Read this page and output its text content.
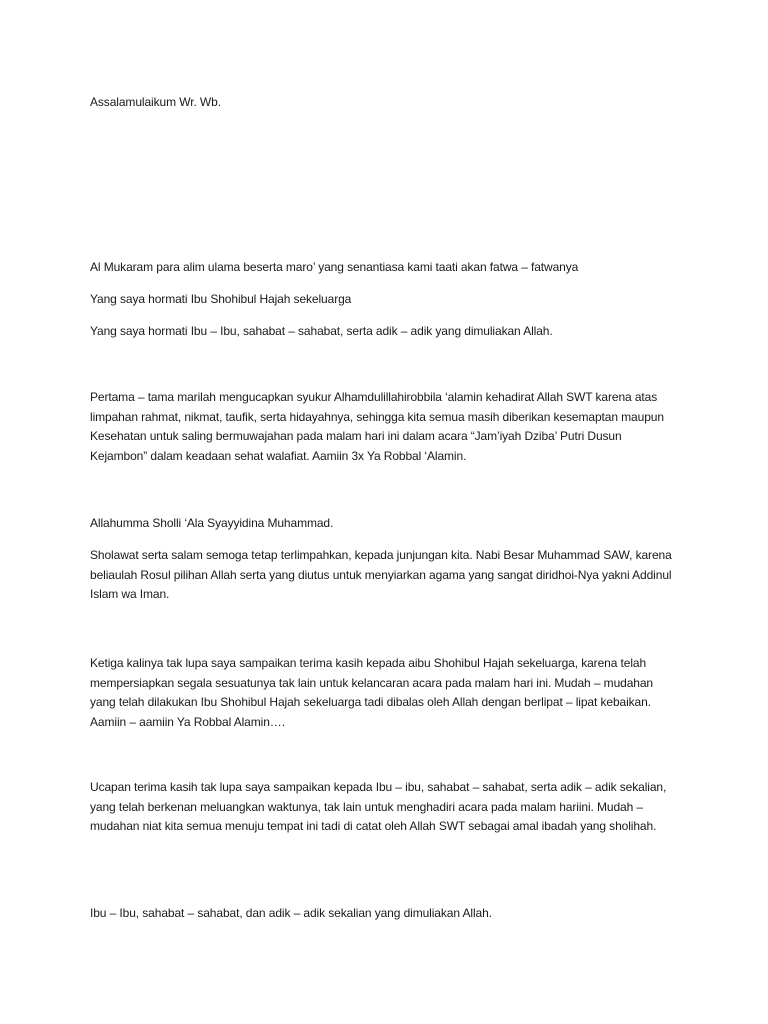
Assalamulaikum Wr. Wb.

Al Mukaram para alim ulama beserta maro’ yang senantiasa kami taati akan fatwa – fatwanya

Yang saya hormati Ibu Shohibul Hajah sekeluarga

Yang saya hormati Ibu – Ibu, sahabat – sahabat, serta adik – adik yang dimuliakan Allah.

Pertama – tama marilah mengucapkan syukur Alhamdulillahirobbila ‘alamin kehadirat Allah SWT karena atas limpahan rahmat, nikmat, taufik, serta hidayahnya, sehingga kita semua masih diberikan kesemaptan maupun Kesehatan untuk saling bermuwajahan pada malam hari ini dalam acara “Jam’iyah Dziba’ Putri Dusun Kejambon” dalam keadaan sehat walafiat. Aamiin 3x Ya Robbal ‘Alamin.

Allahumma Sholli ‘Ala Syayyidina Muhammad.

Sholawat serta salam semoga tetap terlimpahkan, kepada junjungan kita. Nabi Besar Muhammad SAW, karena beliaulah Rosul pilihan Allah serta yang diutus untuk menyiarkan agama yang sangat diridhoi-Nya yakni Addinul Islam wa Iman.

Ketiga kalinya tak lupa saya sampaikan terima kasih kepada aibu Shohibul Hajah sekeluarga, karena telah mempersiapkan segala sesuatunya tak lain untuk kelancaran acara pada malam hari ini. Mudah – mudahan yang telah dilakukan Ibu Shohibul Hajah sekeluarga tadi dibalas oleh Allah dengan berlipat – lipat kebaikan. Aamiin – aamiin Ya Robbal Alamin….

Ucapan terima kasih tak lupa saya sampaikan kepada Ibu – ibu, sahabat – sahabat, serta adik – adik sekalian, yang telah berkenan meluangkan waktunya, tak lain untuk menghadiri acara pada malam hariini. Mudah – mudahan niat kita semua menuju tempat ini tadi di catat oleh Allah SWT sebagai amal ibadah yang sholihah.

Ibu – Ibu, sahabat – sahabat, dan adik – adik sekalian yang dimuliakan Allah.
